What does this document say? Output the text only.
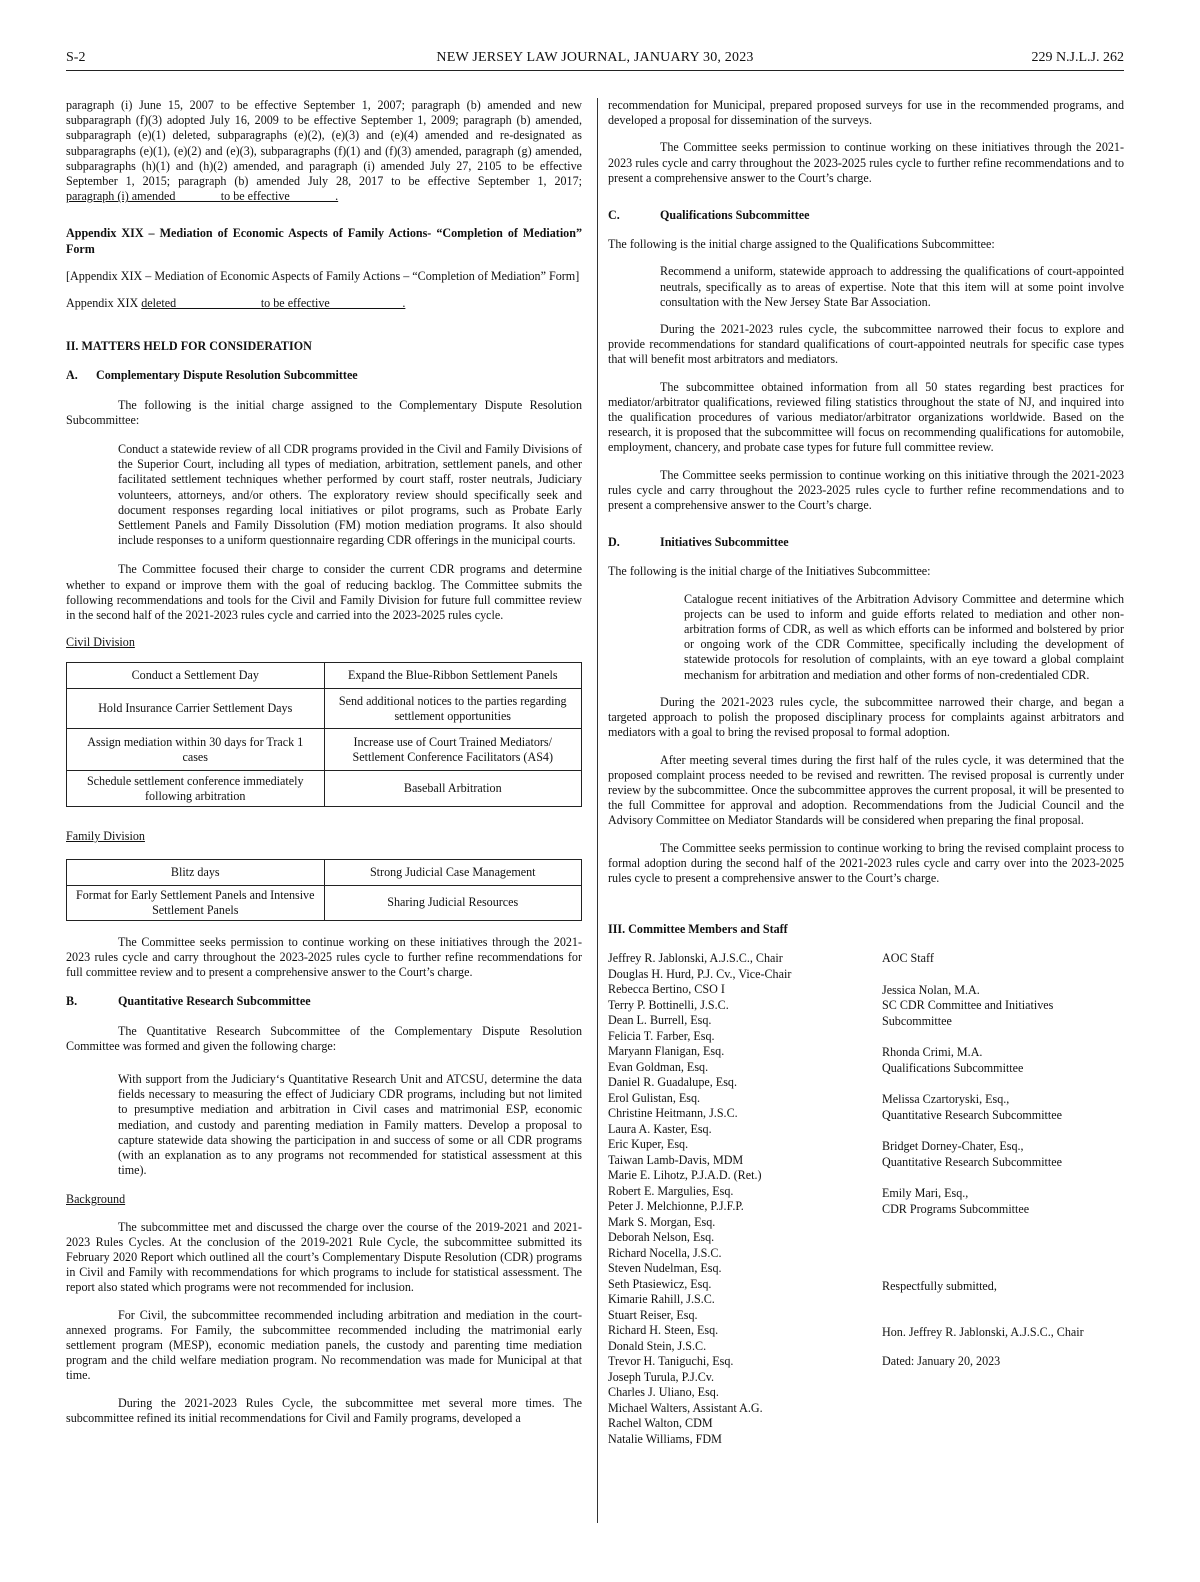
S-2	NEW JERSEY LAW JOURNAL, JANUARY 30, 2023	229 N.J.L.J. 262

paragraph (i) June 15, 2007 to be effective September 1, 2007; paragraph (b) amended and new subparagraph (f)(3) adopted July 16, 2009 to be effective September 1, 2009; paragraph (b) amended, subparagraph (e)(1) deleted, subparagraphs (e)(2), (e)(3) and (e)(4) amended and re-designated as subparagraphs (e)(1), (e)(2) and (e)(3), subparagraphs (f)(1) and (f)(3) amended, paragraph (g) amended, subparagraphs (h)(1) and (h)(2) amended, and paragraph (i) amended July 27, 2105 to be effective September 1, 2015; paragraph (b) amended July 28, 2017 to be effective September 1, 2017; paragraph (i) amended               to be effective               .

Appendix XIX – Mediation of Economic Aspects of Family Actions- “Completion of Mediation” Form

[Appendix XIX – Mediation of Economic Aspects of Family Actions – “Completion of Mediation” Form]

Appendix XIX deleted                            to be effective                        .

II. MATTERS HELD FOR CONSIDERATION

A.	Complementary Dispute Resolution Subcommittee

The following is the initial charge assigned to the Complementary Dispute Resolution Subcommittee:

Conduct a statewide review of all CDR programs provided in the Civil and Family Divisions of the Superior Court, including all types of mediation, arbitration, settlement panels, and other facilitated settlement techniques whether performed by court staff, roster neutrals, Judiciary volunteers, attorneys, and/or others. The exploratory review should specifically seek and document responses regarding local initiatives or pilot programs, such as Probate Early Settlement Panels and Family Dissolution (FM) motion mediation programs. It also should include responses to a uniform questionnaire regarding CDR offerings in the municipal courts.

The Committee focused their charge to consider the current CDR programs and determine whether to expand or improve them with the goal of reducing backlog. The Committee submits the following recommendations and tools for the Civil and Family Division for future full committee review in the second half of the 2021-2023 rules cycle and carried into the 2023-2025 rules cycle.

Civil Division

Conduct a Settlement Day	Expand the Blue-Ribbon Settlement Panels
Hold Insurance Carrier Settlement Days	Send additional notices to the parties regarding settlement opportunities
Assign mediation within 30 days for Track 1 cases	Increase use of Court Trained Mediators/ Settlement Conference Facilitators (AS4)
Schedule settlement conference immediately following arbitration	Baseball Arbitration

Family Division

Blitz days	Strong Judicial Case Management
Format for Early Settlement Panels and Intensive Settlement Panels	Sharing Judicial Resources

The Committee seeks permission to continue working on these initiatives through the 2021-2023 rules cycle and carry throughout the 2023-2025 rules cycle to further refine recommendations for full committee review and to present a comprehensive answer to the Court’s charge.

B.	Quantitative Research Subcommittee

The Quantitative Research Subcommittee of the Complementary Dispute Resolution Committee was formed and given the following charge:

With support from the Judiciary‘s Quantitative Research Unit and ATCSU, determine the data fields necessary to measuring the effect of Judiciary CDR programs, including but not limited to presumptive mediation and arbitration in Civil cases and matrimonial ESP, economic mediation, and custody and parenting mediation in Family matters. Develop a proposal to capture statewide data showing the participation in and success of some or all CDR programs (with an explanation as to any programs not recommended for statistical assessment at this time).

Background

The subcommittee met and discussed the charge over the course of the 2019-2021 and 2021-2023 Rules Cycles. At the conclusion of the 2019-2021 Rule Cycle, the subcommittee submitted its February 2020 Report which outlined all the court’s Complementary Dispute Resolution (CDR) programs in Civil and Family with recommendations for which programs to include for statistical assessment. The report also stated which programs were not recommended for inclusion.

For Civil, the subcommittee recommended including arbitration and mediation in the court-annexed programs. For Family, the subcommittee recommended including the matrimonial early settlement program (MESP), economic mediation panels, the custody and parenting time mediation program and the child welfare mediation program. No recommendation was made for Municipal at that time.

During the 2021-2023 Rules Cycle, the subcommittee met several more times. The subcommittee refined its initial recommendations for Civil and Family programs, developed a

recommendation for Municipal, prepared proposed surveys for use in the recommended programs, and developed a proposal for dissemination of the surveys.

The Committee seeks permission to continue working on these initiatives through the 2021-2023 rules cycle and carry throughout the 2023-2025 rules cycle to further refine recommendations and to present a comprehensive answer to the Court’s charge.

C.	Qualifications Subcommittee

The following is the initial charge assigned to the Qualifications Subcommittee:

Recommend a uniform, statewide approach to addressing the qualifications of court-appointed neutrals, specifically as to areas of expertise. Note that this item will at some point involve consultation with the New Jersey State Bar Association.

During the 2021-2023 rules cycle, the subcommittee narrowed their focus to explore and provide recommendations for standard qualifications of court-appointed neutrals for specific case types that will benefit most arbitrators and mediators.

The subcommittee obtained information from all 50 states regarding best practices for mediator/arbitrator qualifications, reviewed filing statistics throughout the state of NJ, and inquired into the qualification procedures of various mediator/arbitrator organizations worldwide. Based on the research, it is proposed that the subcommittee will focus on recommending qualifications for automobile, employment, chancery, and probate case types for future full committee review.

The Committee seeks permission to continue working on this initiative through the 2021-2023 rules cycle and carry throughout the 2023-2025 rules cycle to further refine recommendations and to present a comprehensive answer to the Court’s charge.

D.	Initiatives Subcommittee

The following is the initial charge of the Initiatives Subcommittee:

Catalogue recent initiatives of the Arbitration Advisory Committee and determine which projects can be used to inform and guide efforts related to mediation and other non-arbitration forms of CDR, as well as which efforts can be informed and bolstered by prior or ongoing work of the CDR Committee, specifically including the development of statewide protocols for resolution of complaints, with an eye toward a global complaint mechanism for arbitration and mediation and other forms of non-credentialed CDR.

During the 2021-2023 rules cycle, the subcommittee narrowed their charge, and began a targeted approach to polish the proposed disciplinary process for complaints against arbitrators and mediators with a goal to bring the revised proposal to formal adoption.

After meeting several times during the first half of the rules cycle, it was determined that the proposed complaint process needed to be revised and rewritten. The revised proposal is currently under review by the subcommittee. Once the subcommittee approves the current proposal, it will be presented to the full Committee for approval and adoption. Recommendations from the Judicial Council and the Advisory Committee on Mediator Standards will be considered when preparing the final proposal.

The Committee seeks permission to continue working to bring the revised complaint process to formal adoption during the second half of the 2021-2023 rules cycle and carry over into the 2023-2025 rules cycle to present a comprehensive answer to the Court’s charge.

III. Committee Members and Staff

Jeffrey R. Jablonski, A.J.S.C., Chair
Douglas H. Hurd, P.J. Cv., Vice-Chair
Rebecca Bertino, CSO I
Terry P. Bottinelli, J.S.C.
Dean L. Burrell, Esq.
Felicia T. Farber, Esq.
Maryann Flanigan, Esq.
Evan Goldman, Esq.
Daniel R. Guadalupe, Esq.
Erol Gulistan, Esq.
Christine Heitmann, J.S.C.
Laura A. Kaster, Esq.
Eric Kuper, Esq.
Taiwan Lamb-Davis, MDM
Marie E. Lihotz, P.J.A.D. (Ret.)
Robert E. Margulies, Esq.
Peter J. Melchionne, P.J.F.P.
Mark S. Morgan, Esq.
Deborah Nelson, Esq.
Richard Nocella, J.S.C.
Steven Nudelman, Esq.
Seth Ptasiewicz, Esq.
Kimarie Rahill, J.S.C.
Stuart Reiser, Esq.
Richard H. Steen, Esq.
Donald Stein, J.S.C.
Trevor H. Taniguchi, Esq.
Joseph Turula, P.J.Cv.
Charles J. Uliano, Esq.
Michael Walters, Assistant A.G.
Rachel Walton, CDM
Natalie Williams, FDM
AOC Staff
Jessica Nolan, M.A.
SC CDR Committee and Initiatives
Subcommittee
Rhonda Crimi, M.A.
Qualifications Subcommittee
Melissa Czartoryski, Esq.,
Quantitative Research Subcommittee
Bridget Dorney-Chater, Esq.,
Quantitative Research Subcommittee
Emily Mari, Esq.,
CDR Programs Subcommittee
Respectfully submitted,
Hon. Jeffrey R. Jablonski, A.J.S.C., Chair
Dated: January 20, 2023
